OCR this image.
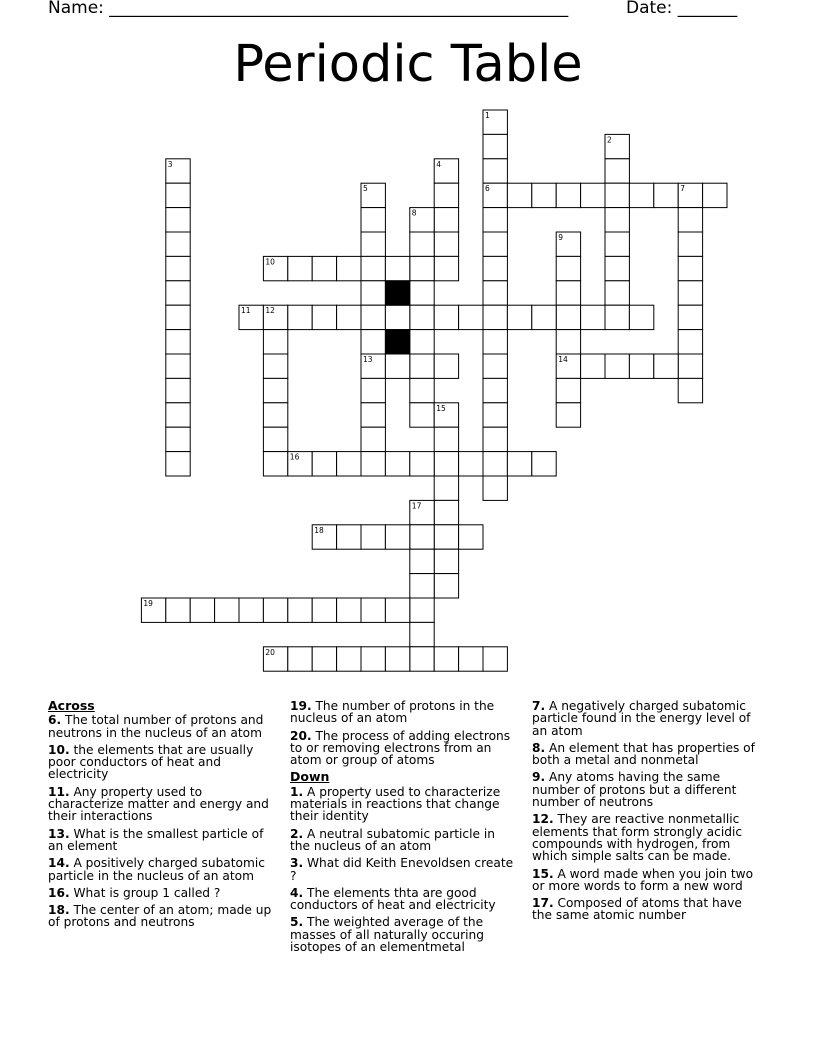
Name: ______________________________________________________	Date: _______
Periodic Table
1
2
3	4
5	6	7
8
9
10
11 12
13	14
15
16
17
18
19
20
Across
6. The total number of protons and neutrons in the nucleus of an atom
10. the elements that are usually poor conductors of heat and electricity
11. Any property used to characterize matter and energy and their interactions
13. What is the smallest particle of an element
14. A positively charged subatomic particle in the nucleus of an atom
16. What is group 1 called ?
18. The center of an atom; made up of protons and neutrons
19. The number of protons in the nucleus of an atom
20. The process of adding electrons to or removing electrons from an atom or group of atoms
Down
1. A property used to characterize materials in reactions that change their identity
2. A neutral subatomic particle in the nucleus of an atom
3. What did Keith Enevoldsen create ?
4. The elements thta are good conductors of heat and electricity
5. The weighted average of the masses of all naturally occuring isotopes of an elementmetal
7. A negatively charged subatomic particle found in the energy level of an atom
8. An element that has properties of both a metal and nonmetal
9. Any atoms having the same number of protons but a different number of neutrons
12. They are reactive nonmetallic elements that form strongly acidic compounds with hydrogen, from which simple salts can be made.
15. A word made when you join two or more words to form a new word
17. Composed of atoms that have the same atomic number
